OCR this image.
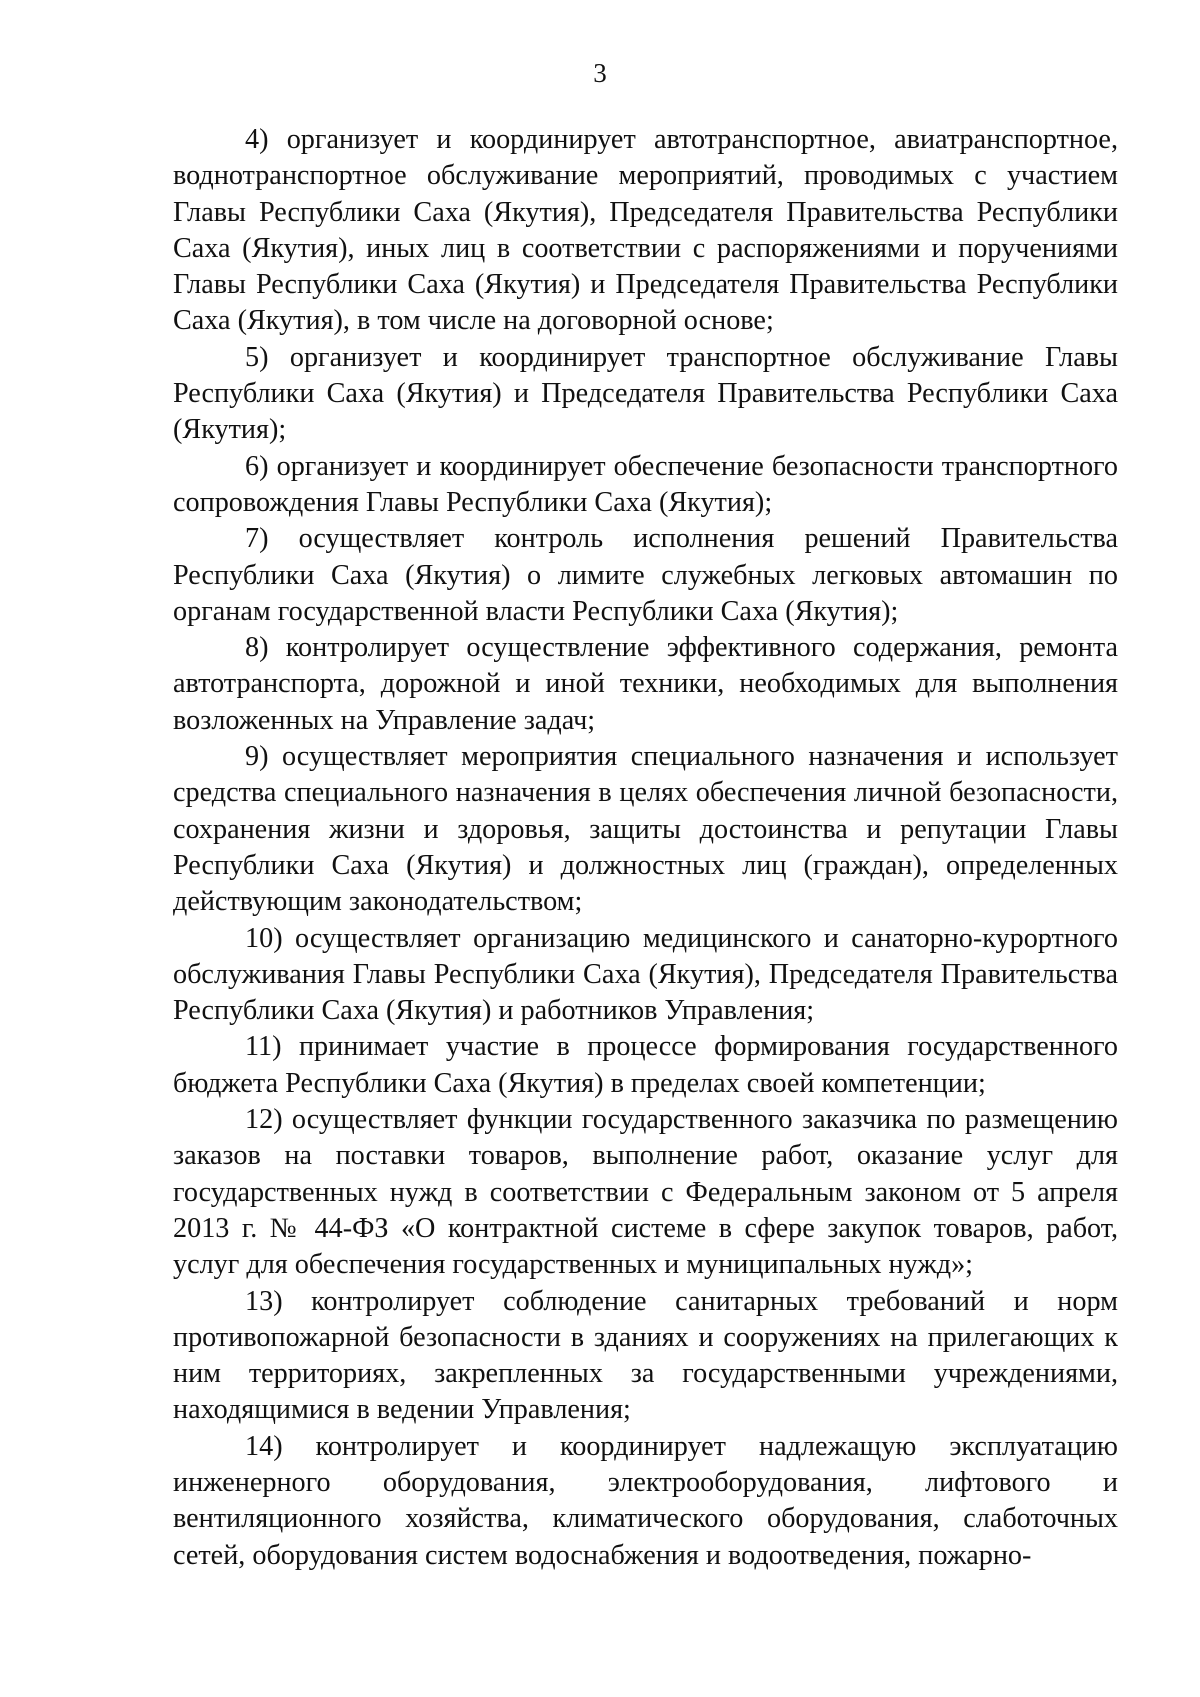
3

4) организует и координирует автотранспортное, авиатранспортное, воднотранспортное обслуживание мероприятий, проводимых с участием Главы Республики Саха (Якутия), Председателя Правительства Республики Саха (Якутия), иных лиц в соответствии с распоряжениями и поручениями Главы Республики Саха (Якутия) и Председателя Правительства Республики Саха (Якутия), в том числе на договорной основе;

5) организует и координирует транспортное обслуживание Главы Республики Саха (Якутия) и Председателя Правительства Республики Саха (Якутия);

6) организует и координирует обеспечение безопасности транспортного сопровождения Главы Республики Саха (Якутия);

7) осуществляет контроль исполнения решений Правительства Республики Саха (Якутия) о лимите служебных легковых автомашин по органам государственной власти Республики Саха (Якутия);

8) контролирует осуществление эффективного содержания, ремонта автотранспорта, дорожной и иной техники, необходимых для выполнения возложенных на Управление задач;

9) осуществляет мероприятия специального назначения и использует средства специального назначения в целях обеспечения личной безопасности, сохранения жизни и здоровья, защиты достоинства и репутации Главы Республики Саха (Якутия) и должностных лиц (граждан), определенных действующим законодательством;

10) осуществляет организацию медицинского и санаторно-курортного обслуживания Главы Республики Саха (Якутия), Председателя Правительства Республики Саха (Якутия) и работников Управления;

11) принимает участие в процессе формирования государственного бюджета Республики Саха (Якутия) в пределах своей компетенции;

12) осуществляет функции государственного заказчика по размещению заказов на поставки товаров, выполнение работ, оказание услуг для государственных нужд в соответствии с Федеральным законом от 5 апреля 2013 г. № 44-ФЗ «О контрактной системе в сфере закупок товаров, работ, услуг для обеспечения государственных и муниципальных нужд»;

13) контролирует соблюдение санитарных требований и норм противопожарной безопасности в зданиях и сооружениях на прилегающих к ним территориях, закрепленных за государственными учреждениями, находящимися в ведении Управления;

14) контролирует и координирует надлежащую эксплуатацию инженерного оборудования, электрооборудования, лифтового и вентиляционного хозяйства, климатического оборудования, слаботочных сетей, оборудования систем водоснабжения и водоотведения, пожарно-
